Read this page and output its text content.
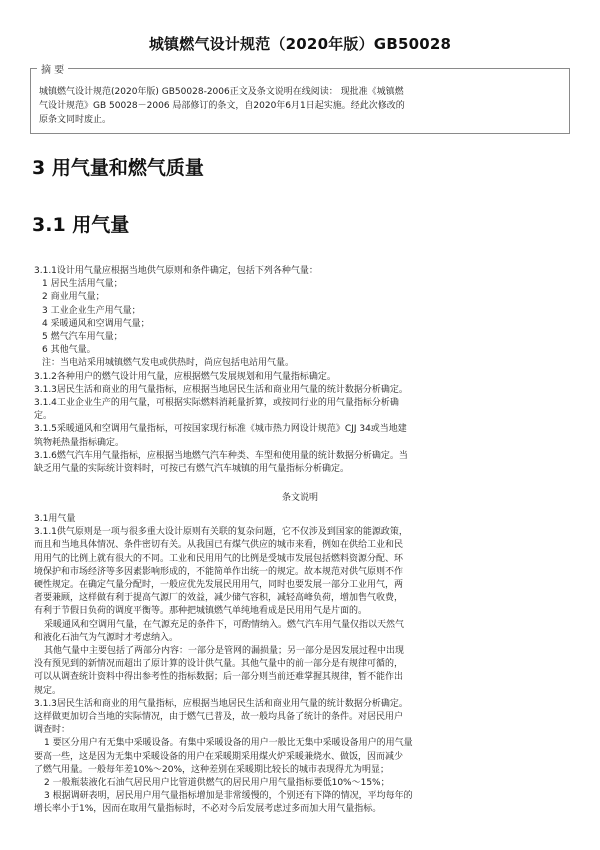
城镇燃气设计规范（2020年版）GB50028
摘 要
城镇燃气设计规范(2020年版) GB50028-2006正文及条文说明在线阅读： 现批准《城镇燃
气设计规范》GB 50028－2006 局部修订的条文，自2020年6月1日起实施。经此次修改的
原条文同时废止。
3 用气量和燃气质量
3.1 用气量

3.1.1设计用气量应根据当地供气原则和条件确定，包括下列各种气量：

1 居民生活用气量；

2 商业用气量；

3 工业企业生产用气量；

4 采暖通风和空调用气量；

5 燃气汽车用气量；

6 其他气量。

注：当电站采用城镇燃气发电或供热时，尚应包括电站用气量。

3.1.2各种用户的燃气设计用气量，应根据燃气发展规划和用气量指标确定。

3.1.3居民生活和商业的用气量指标，应根据当地居民生活和商业用气量的统计数据分析确定。

3.1.4工业企业生产的用气量，可根据实际燃料消耗量折算，或按同行业的用气量指标分析确

定。

3.1.5采暖通风和空调用气量指标，可按国家现行标准《城市热力网设计规范》CJJ 34或当地建

筑物耗热量指标确定。

3.1.6燃气汽车用气量指标，应根据当地燃气汽车种类、车型和使用量的统计数据分析确定。当

缺乏用气量的实际统计资料时，可按已有燃气汽车城镇的用气量指标分析确定。

条文说明

3.1用气量

3.1.1供气原则是一项与很多重大设计原则有关联的复杂问题，它不仅涉及到国家的能源政策，

而且和当地具体情况、条件密切有关。从我国已有煤气供应的城市来看，例如在供给工业和民

用用气的比例上就有很大的不同。工业和民用用气的比例是受城市发展包括燃料资源分配、环

境保护和市场经济等多因素影响形成的，不能简单作出统一的规定。故本规范对供气原则不作

硬性规定。在确定气量分配时，一般应优先发展民用用气，同时也要发展一部分工业用气，两

者要兼顾，这样做有利于提高气源厂的效益，减少储气容积，减轻高峰负荷，增加售气收费，

有利于节假日负荷的调度平衡等。那种把城镇燃气单纯地看成是民用用气是片面的。

采暖通风和空调用气量，在气源充足的条件下，可酌情纳入。燃气汽车用气量仅指以天然气

和液化石油气为气源时才考虑纳入。

其他气量中主要包括了两部分内容：一部分是管网的漏损量；另一部分是因发展过程中出现

没有预见到的新情况而超出了原计算的设计供气量。其他气量中的前一部分是有规律可循的，

可以从调查统计资料中得出参考性的指标数据；后一部分则当前还难掌握其规律，暂不能作出

规定。

3.1.3居民生活和商业的用气量指标，应根据当地居民生活和商业用气量的统计数据分析确定。

这样做更加切合当地的实际情况，由于燃气已普及，故一般均具备了统计的条件。对居民用户

调查时：

1 要区分用户有无集中采暖设备。有集中采暖设备的用户一般比无集中采暖设备用户的用气量

要高一些，这是因为无集中采暖设备的用户在采暖期采用煤火炉采暖兼烧水、做饭，因而减少

了燃气用量。一般每年差10%～20%，这种差别在采暖期比较长的城市表现得尤为明显；

2 一般瓶装液化石油气居民用户比管道供燃气的居民用户用气量指标要低10%～15%；

3 根据调研表明，居民用户用气量指标增加是非常缓慢的，个别还有下降的情况，平均每年的

增长率小于1%，因而在取用气量指标时，不必对今后发展考虑过多而加大用气量指标。
